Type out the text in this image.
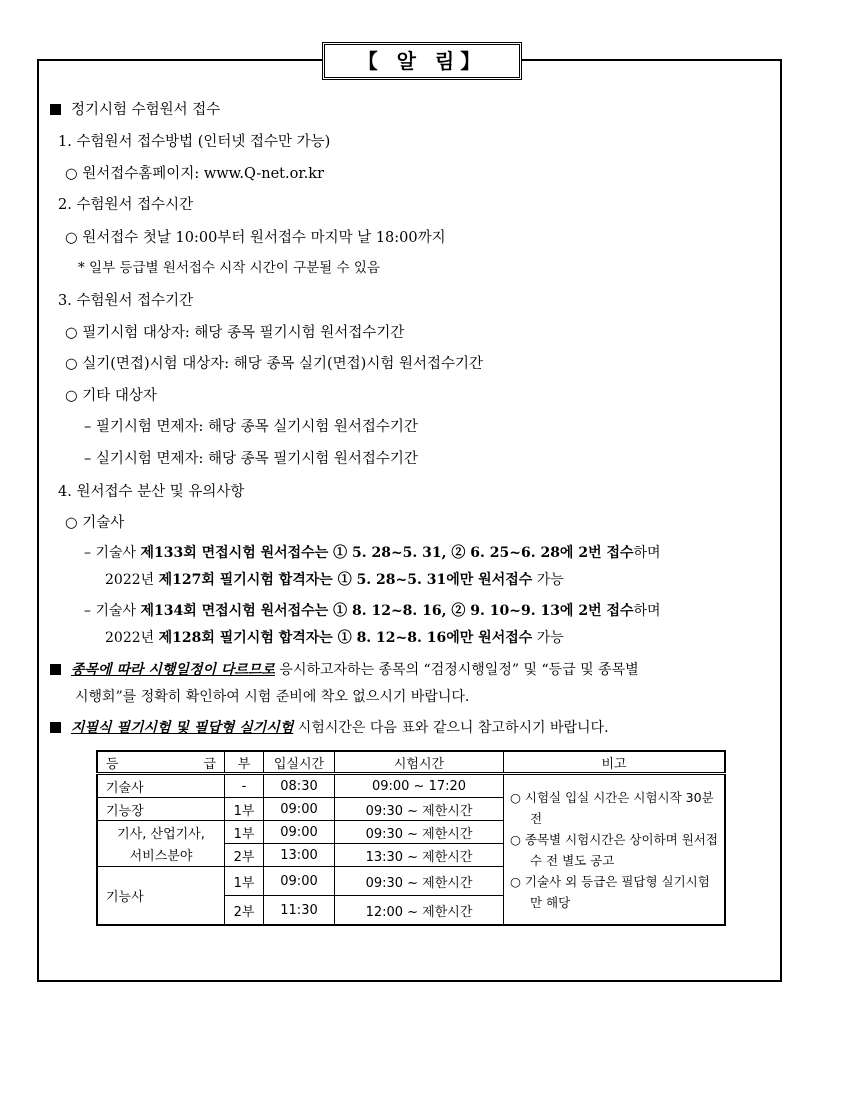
【 알 림】
정기시험 수험원서 접수
1. 수험원서 접수방법 (인터넷 접수만 가능)
○ 원서접수홈페이지: www.Q-net.or.kr
2. 수험원서 접수시간
○ 원서접수 첫날 10:00부터 원서접수 마지막 날 18:00까지
* 일부 등급별 원서접수 시작 시간이 구분될 수 있음
3. 수험원서 접수기간
○ 필기시험 대상자: 해당 종목 필기시험 원서접수기간
○ 실기(면접)시험 대상자: 해당 종목 실기(면접)시험 원서접수기간
○ 기타 대상자
– 필기시험 면제자: 해당 종목 실기시험 원서접수기간
– 실기시험 면제자: 해당 종목 필기시험 원서접수기간
4. 원서접수 분산 및 유의사항
○ 기술사
– 기술사 제133회 면접시험 원서접수는 ① 5. 28~5. 31, ② 6. 25~6. 28에 2번 접수하며
2022년 제127회 필기시험 합격자는 ① 5. 28~5. 31에만 원서접수 가능
– 기술사 제134회 면접시험 원서접수는 ① 8. 12~8. 16, ② 9. 10~9. 13에 2번 접수하며
2022년 제128회 필기시험 합격자는 ① 8. 12~8. 16에만 원서접수 가능
종목에 따라 시행일정이 다르므로 응시하고자하는 종목의 “검정시행일정” 및 “등급 및 종목별
시행회”를 정확히 확인하여 시험 준비에 착오 없으시기 바랍니다.
지필식 필기시험 및 필답형 실기시험 시험시간은 다음 표와 같으니 참고하시기 바랍니다.
등 급	부	입실시간	시험시간	비고
기술사	-	08:30	09:00 ~ 17:20	○ 시험실 입실 시간은 시험시작 30분 전
○ 종목별 시험시간은 상이하며 원서접수 전 별도 공고
○ 기술사 외 등급은 필답형 실기시험만 해당

기능장	1부	09:00	09:30 ~ 제한시간	
기사, 산업기사,	1부	09:00	09:30 ~ 제한시간	
서비스분야	2부	13:00	13:30 ~ 제한시간	
기능사	1부	09:00	09:30 ~ 제한시간	
	2부	11:30	12:00 ~ 제한시간	
